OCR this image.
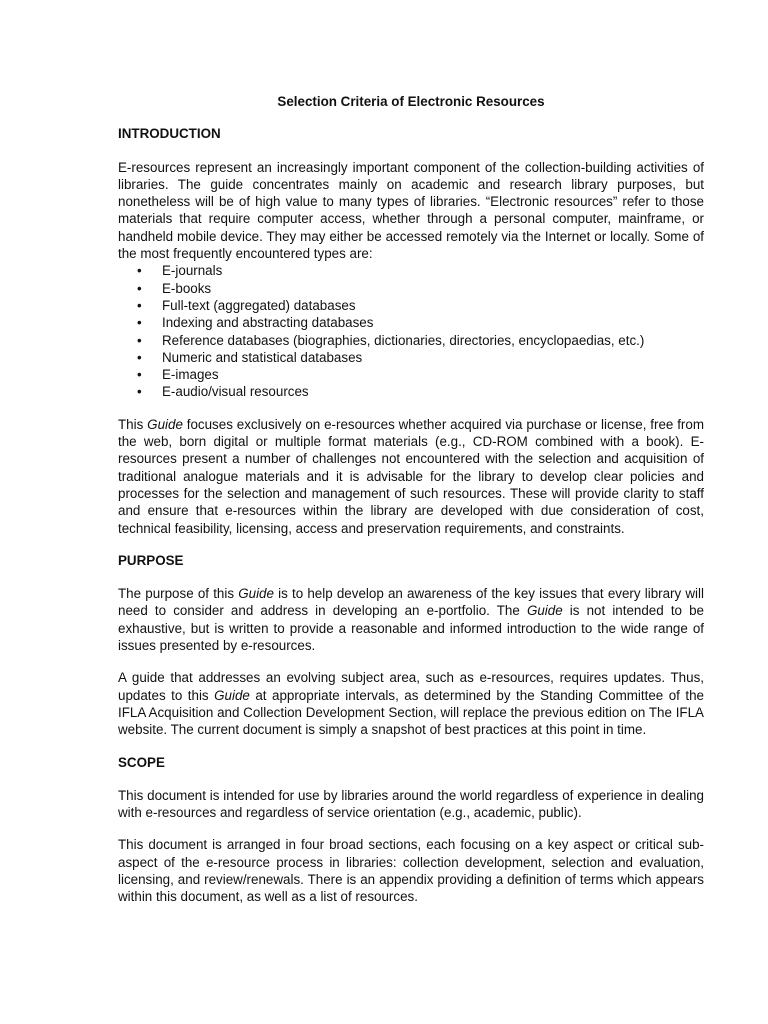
Selection Criteria of Electronic Resources
INTRODUCTION

E-resources represent an increasingly important component of the collection-building activities of libraries. The guide concentrates mainly on academic and research library purposes, but nonetheless will be of high value to many types of libraries. “Electronic resources” refer to those materials that require computer access, whether through a personal computer, mainframe, or handheld mobile device. They may either be accessed remotely via the Internet or locally. Some of the most frequently encountered types are:

• E-journals
• E-books
• Full-text (aggregated) databases
• Indexing and abstracting databases
• Reference databases (biographies, dictionaries, directories, encyclopaedias, etc.)
• Numeric and statistical databases
• E-images
• E-audio/visual resources

This Guide focuses exclusively on e-resources whether acquired via purchase or license, free from the web, born digital or multiple format materials (e.g., CD-ROM combined with a book). E-resources present a number of challenges not encountered with the selection and acquisition of traditional analogue materials and it is advisable for the library to develop clear policies and processes for the selection and management of such resources. These will provide clarity to staff and ensure that e-resources within the library are developed with due consideration of cost, technical feasibility, licensing, access and preservation requirements, and constraints.

PURPOSE

The purpose of this Guide is to help develop an awareness of the key issues that every library will need to consider and address in developing an e-portfolio. The Guide is not intended to be exhaustive, but is written to provide a reasonable and informed introduction to the wide range of issues presented by e-resources.

A guide that addresses an evolving subject area, such as e-resources, requires updates. Thus, updates to this Guide at appropriate intervals, as determined by the Standing Committee of the IFLA Acquisition and Collection Development Section, will replace the previous edition on The IFLA website. The current document is simply a snapshot of best practices at this point in time.

SCOPE

This document is intended for use by libraries around the world regardless of experience in dealing with e-resources and regardless of service orientation (e.g., academic, public).

This document is arranged in four broad sections, each focusing on a key aspect or critical sub-aspect of the e-resource process in libraries: collection development, selection and evaluation, licensing, and review/renewals. There is an appendix providing a definition of terms which appears within this document, as well as a list of resources.
